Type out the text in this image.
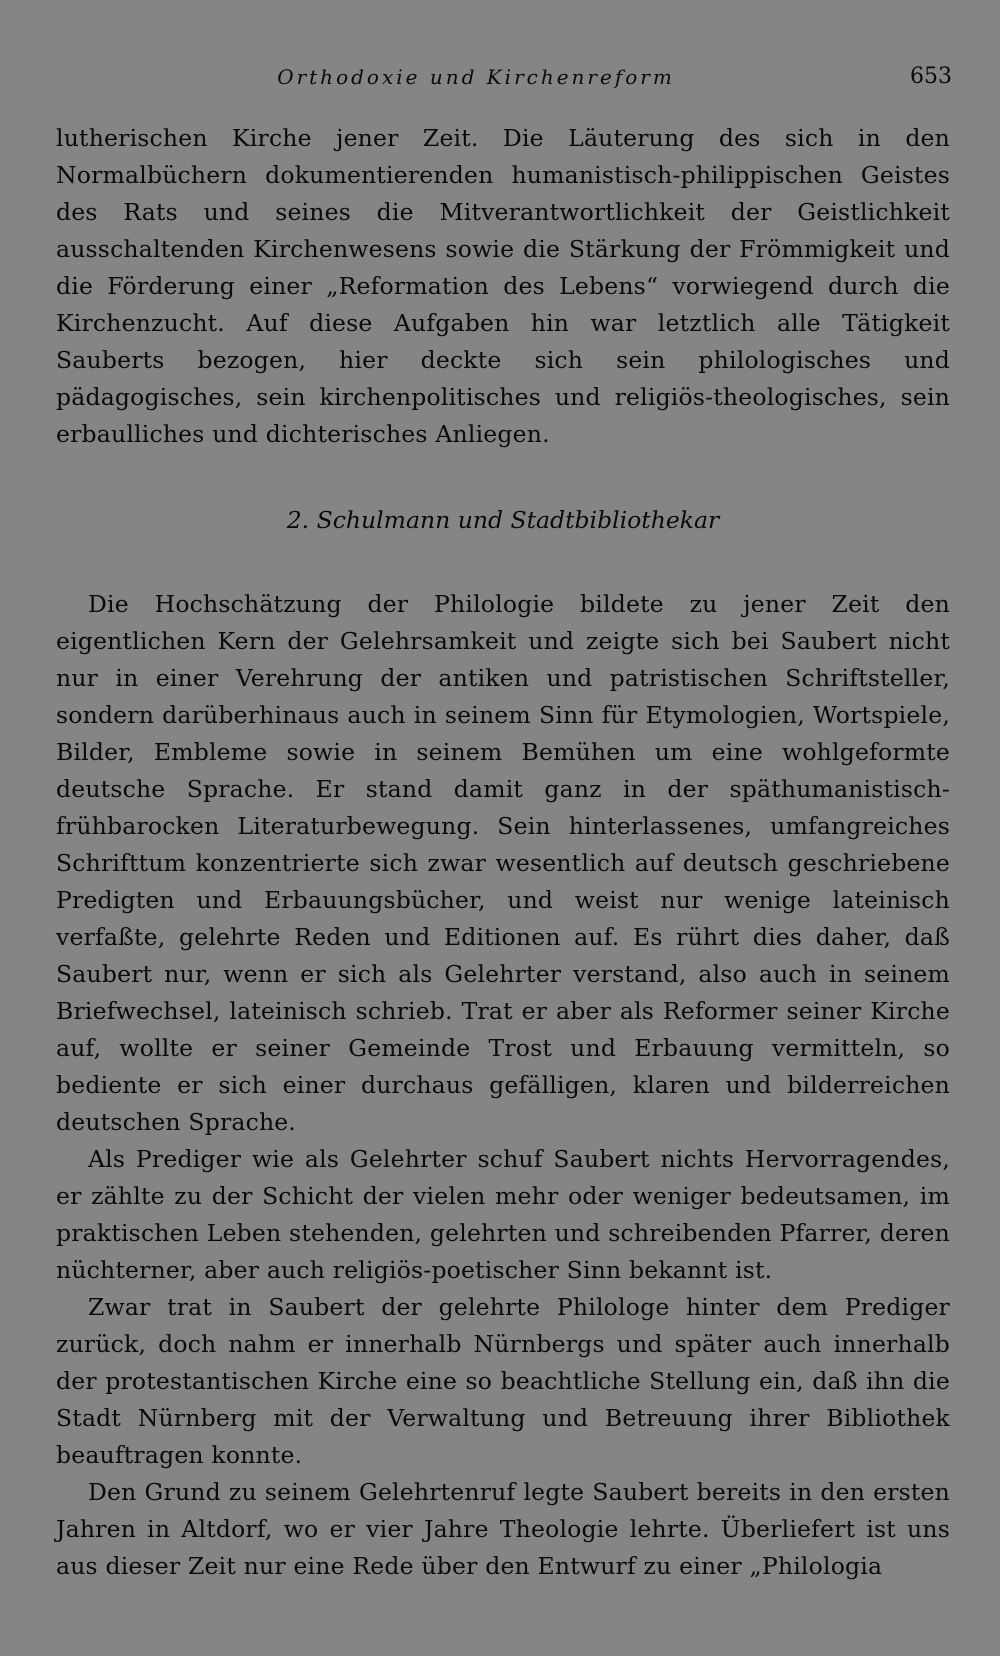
Orthodoxie und Kirchenreform	653

lutherischen Kirche jener Zeit. Die Läuterung des sich in den Normalbüchern dokumentierenden humanistisch-philippischen Geistes des Rats und seines die Mitverantwortlichkeit der Geistlichkeit ausschaltenden Kirchenwesens sowie die Stärkung der Frömmigkeit und die Förderung einer „Reformation des Lebens“ vorwiegend durch die Kirchenzucht. Auf diese Aufgaben hin war letztlich alle Tätigkeit Sauberts bezogen, hier deckte sich sein philologisches und pädagogisches, sein kirchenpolitisches und religiös-theologisches, sein erbaulliches und dichterisches Anliegen.

2. Schulmann und Stadtbibliothekar

Die Hochschätzung der Philologie bildete zu jener Zeit den eigentlichen Kern der Gelehrsamkeit und zeigte sich bei Saubert nicht nur in einer Verehrung der antiken und patristischen Schriftsteller, sondern darüberhinaus auch in seinem Sinn für Etymologien, Wortspiele, Bilder, Embleme sowie in seinem Bemühen um eine wohlgeformte deutsche Sprache. Er stand damit ganz in der späthumanistisch-frühbarocken Literaturbewegung. Sein hinterlassenes, umfangreiches Schrifttum konzentrierte sich zwar wesentlich auf deutsch geschriebene Predigten und Erbauungsbücher, und weist nur wenige lateinisch verfaßte, gelehrte Reden und Editionen auf. Es rührt dies daher, daß Saubert nur, wenn er sich als Gelehrter verstand, also auch in seinem Briefwechsel, lateinisch schrieb. Trat er aber als Reformer seiner Kirche auf, wollte er seiner Gemeinde Trost und Erbauung vermitteln, so bediente er sich einer durchaus gefälligen, klaren und bilderreichen deutschen Sprache.

Als Prediger wie als Gelehrter schuf Saubert nichts Hervorragendes, er zählte zu der Schicht der vielen mehr oder weniger bedeutsamen, im praktischen Leben stehenden, gelehrten und schreibenden Pfarrer, deren nüchterner, aber auch religiös-poetischer Sinn bekannt ist.

Zwar trat in Saubert der gelehrte Philologe hinter dem Prediger zurück, doch nahm er innerhalb Nürnbergs und später auch innerhalb der protestantischen Kirche eine so beachtliche Stellung ein, daß ihn die Stadt Nürnberg mit der Verwaltung und Betreuung ihrer Bibliothek beauftragen konnte.

Den Grund zu seinem Gelehrtenruf legte Saubert bereits in den ersten Jahren in Altdorf, wo er vier Jahre Theologie lehrte. Überliefert ist uns aus dieser Zeit nur eine Rede über den Entwurf zu einer „Philologia
